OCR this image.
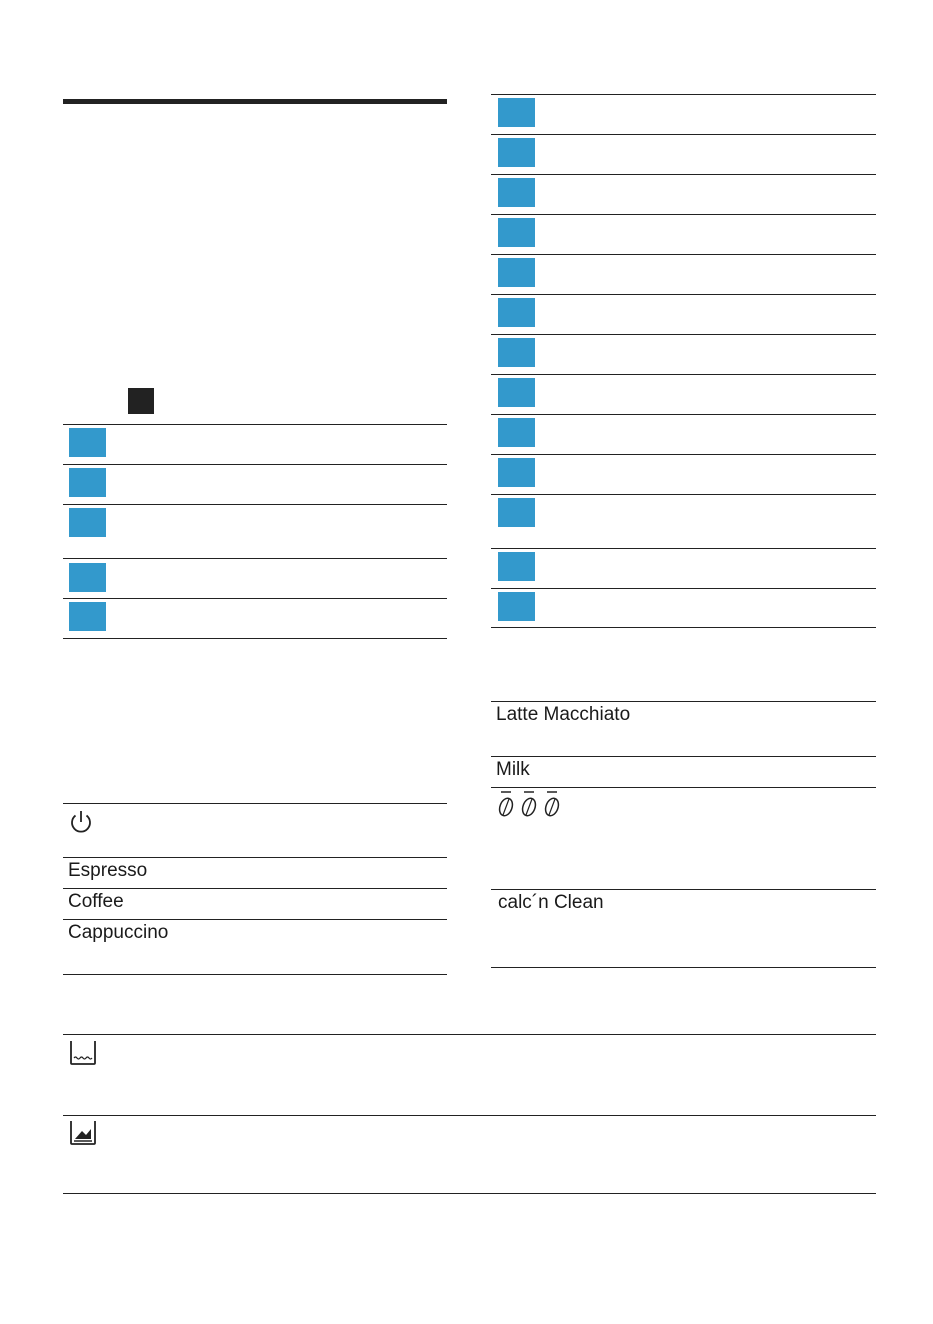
Espresso
Coffee
Cappuccino
Latte Macchiato
Milk
calc´n Clean
